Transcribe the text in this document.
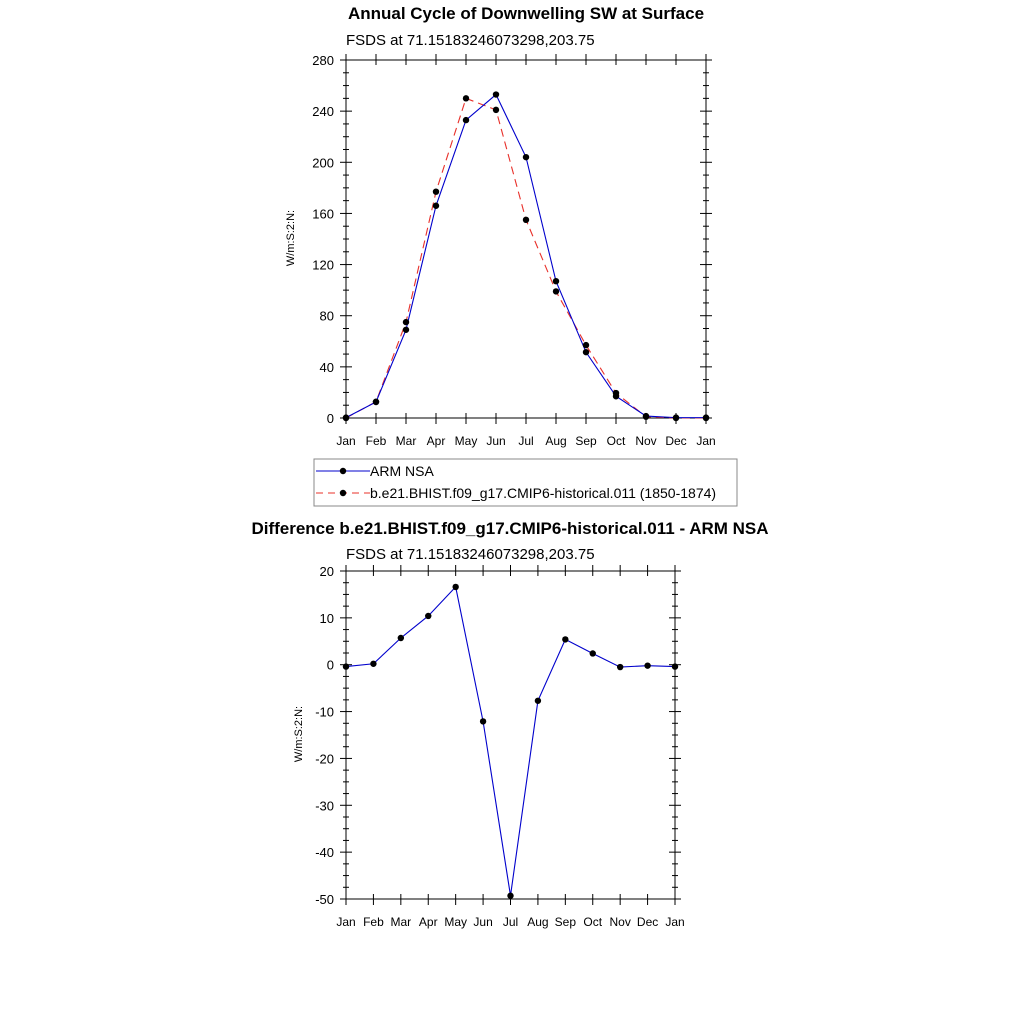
Annual Cycle of Downwelling SW at Surface
FSDS at 71.15183246073298,203.75
W/m:S:2:N:
Jan Feb Mar Apr May Jun Jul Aug Sep Oct Nov Dec Jan
0
40
80
120
160
200
240
280
ARM NSA
b.e21.BHIST.f09_g17.CMIP6-historical.011 (1850-1874)
Difference b.e21.BHIST.f09_g17.CMIP6-historical.011 - ARM NSA
FSDS at 71.15183246073298,203.75
W/m:S:2:N:
Jan Feb Mar Apr May Jun Jul Aug Sep Oct Nov Dec Jan
-50
-40
-30
-20
-10
0
10
20
